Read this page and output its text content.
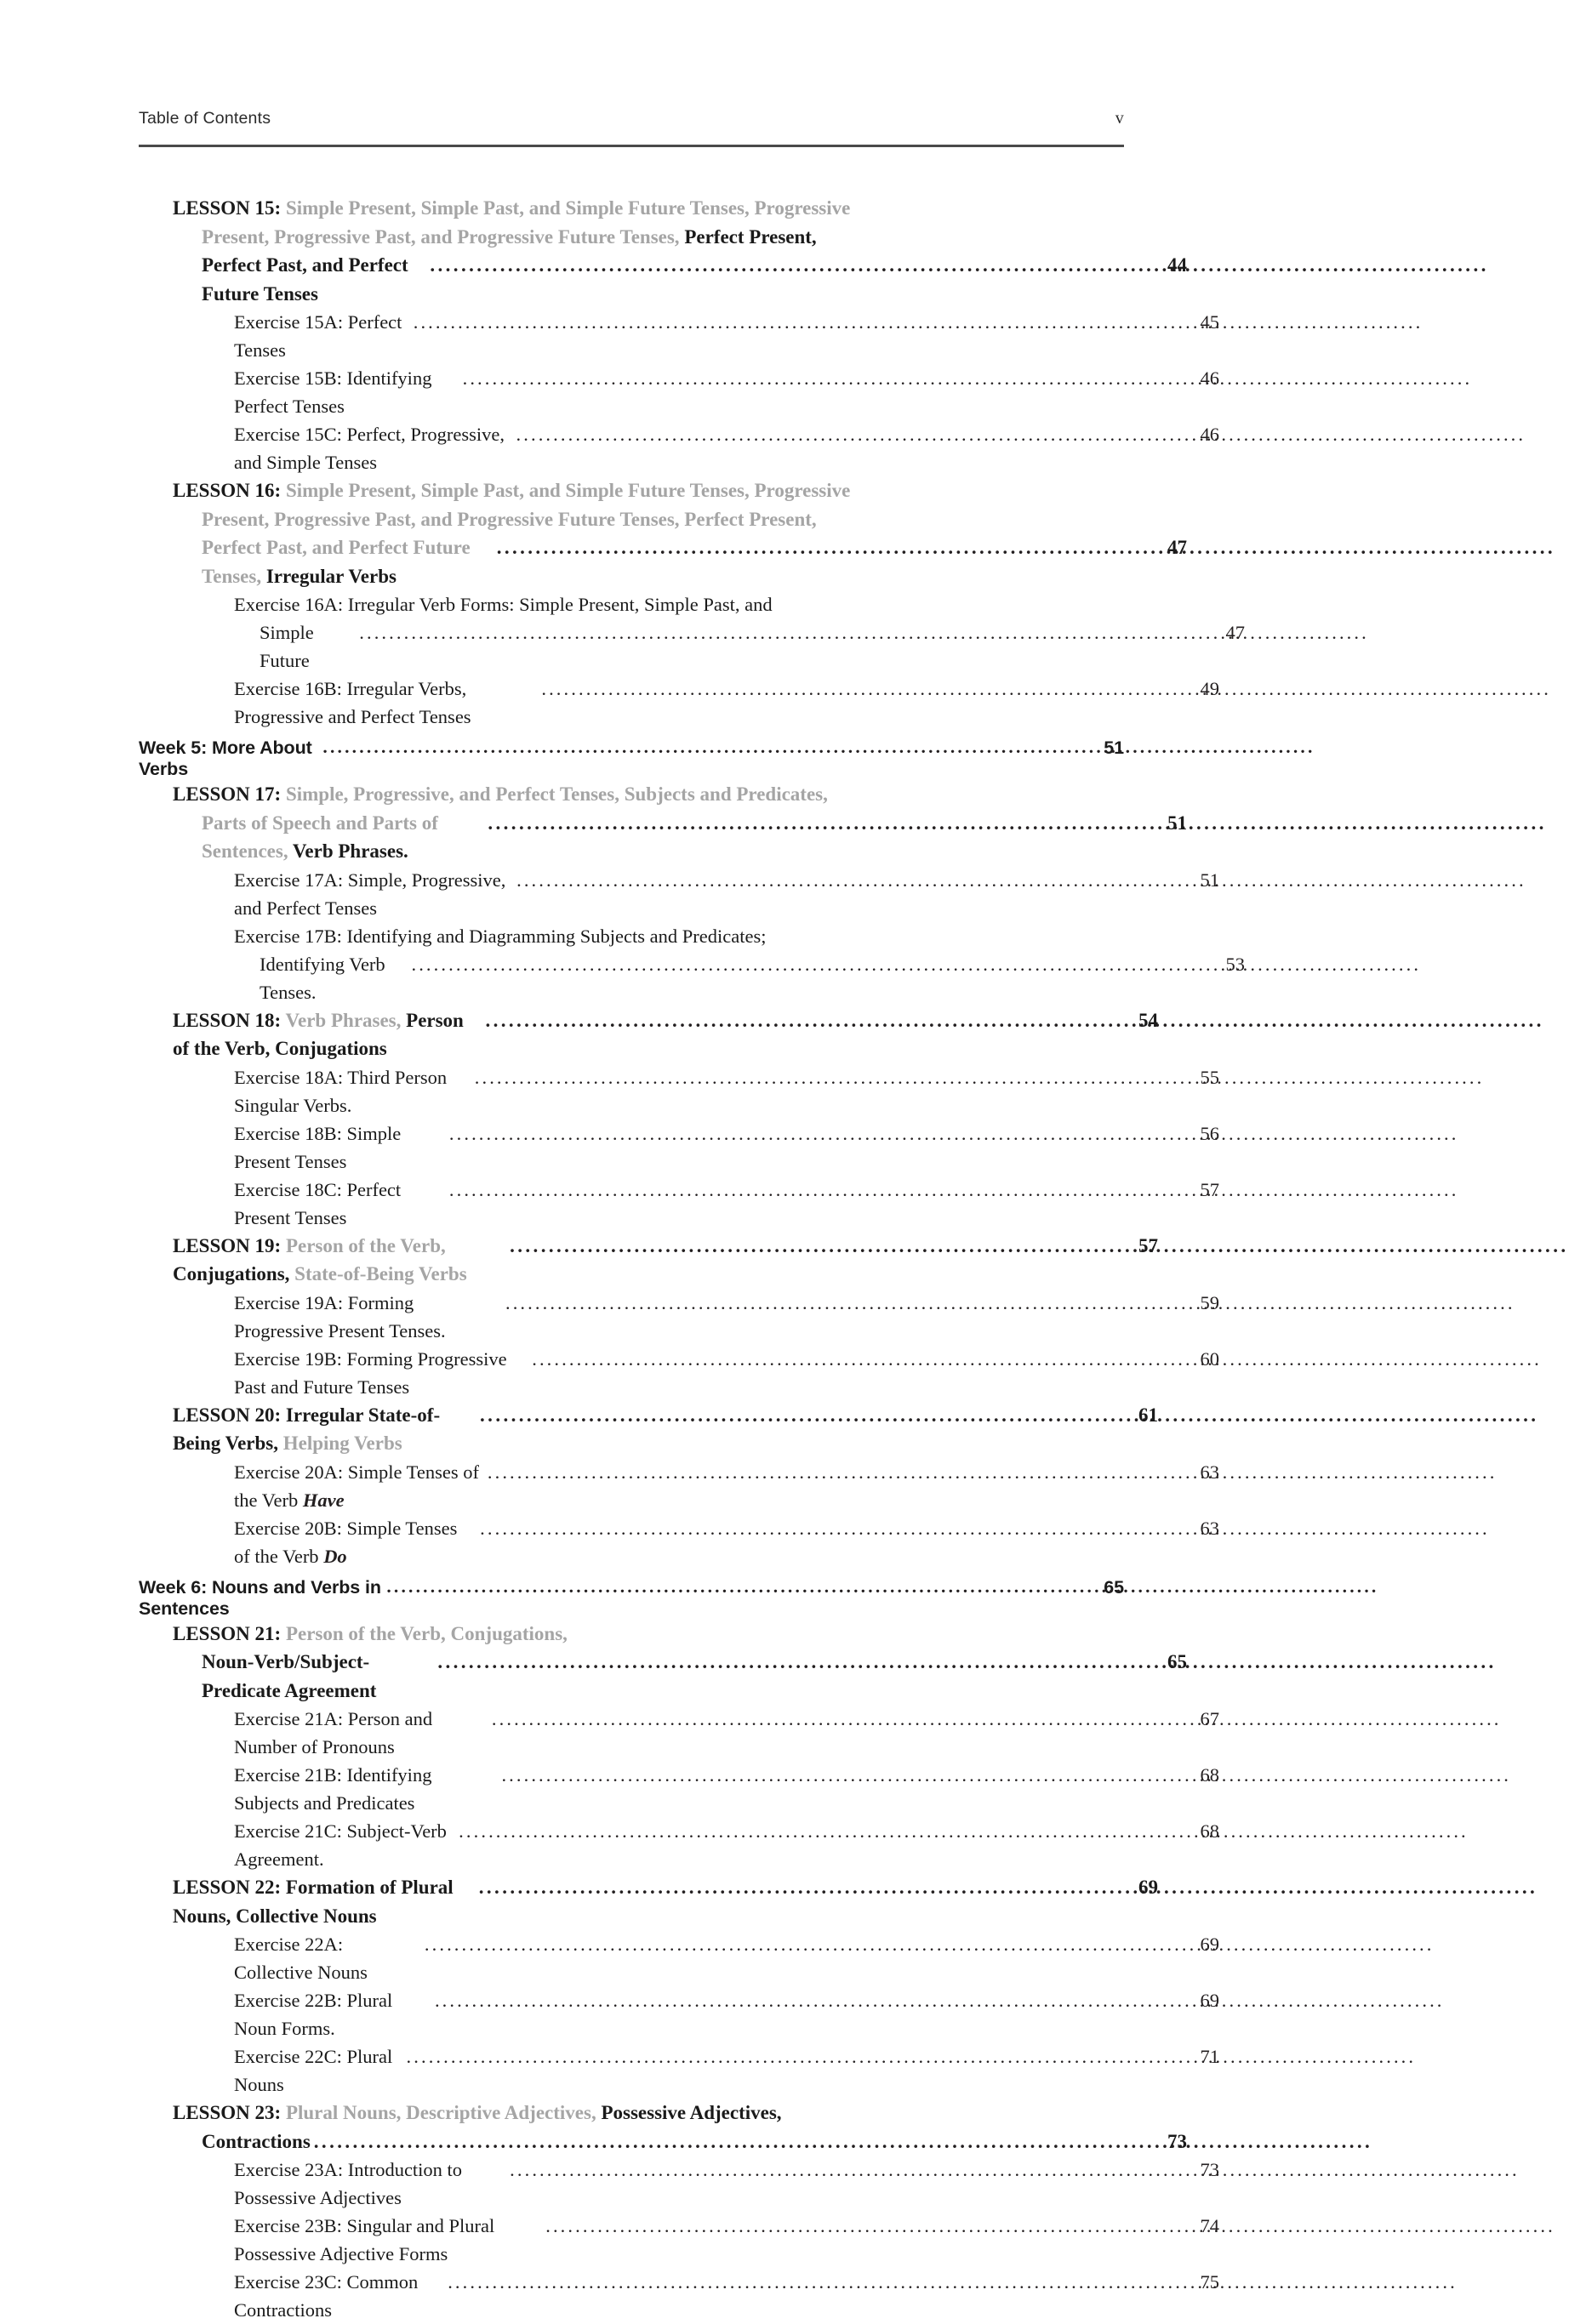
Table of Contents	v
LESSON 15: Simple Present, Simple Past, and Simple Future Tenses, Progressive
Present, Progressive Past, and Progressive Future Tenses, Perfect Present,
Perfect Past, and Perfect Future Tenses
.....
44
Exercise 15A: Perfect Tenses
.....
45
Exercise 15B: Identifying Perfect Tenses
.....
46
Exercise 15C: Perfect, Progressive, and Simple Tenses
.....
46
LESSON 16: Simple Present, Simple Past, and Simple Future Tenses, Progressive
Present, Progressive Past, and Progressive Future Tenses, Perfect Present,
Perfect Past, and Perfect Future Tenses, Irregular Verbs
.....
47
Exercise 16A: Irregular Verb Forms: Simple Present, Simple Past, and
Simple Future
.....
47
Exercise 16B: Irregular Verbs, Progressive and Perfect Tenses
.....
49
Week 5: More About Verbs
.....
51
LESSON 17: Simple, Progressive, and Perfect Tenses, Subjects and Predicates,
Parts of Speech and Parts of Sentences, Verb Phrases.
.....
51
Exercise 17A: Simple, Progressive, and Perfect Tenses
.....
51
Exercise 17B: Identifying and Diagramming Subjects and Predicates;
Identifying Verb Tenses.
.....
53
LESSON 18: Verb Phrases, Person of the Verb, Conjugations
.....
54
Exercise 18A: Third Person Singular Verbs.
.....
55
Exercise 18B: Simple Present Tenses
.....
56
Exercise 18C: Perfect Present Tenses
.....
57
LESSON 19: Person of the Verb, Conjugations, State-of-Being Verbs
.....
57
Exercise 19A: Forming Progressive Present Tenses.
.....
59
Exercise 19B: Forming Progressive Past and Future Tenses
.....
60
LESSON 20: Irregular State-of-Being Verbs, Helping Verbs
.....
61
Exercise 20A: Simple Tenses of the Verb Have
.....
63
Exercise 20B: Simple Tenses of the Verb Do
.....
63
Week 6: Nouns and Verbs in Sentences
.....
65
LESSON 21: Person of the Verb, Conjugations,
Noun-Verb/Subject-Predicate Agreement
.....
65
Exercise 21A: Person and Number of Pronouns
.....
67
Exercise 21B: Identifying Subjects and Predicates
.....
68
Exercise 21C: Subject-Verb Agreement.
.....
68
LESSON 22: Formation of Plural Nouns, Collective Nouns
.....
69
Exercise 22A: Collective Nouns
.....
69
Exercise 22B: Plural Noun Forms.
.....
69
Exercise 22C: Plural Nouns
.....
71
LESSON 23: Plural Nouns, Descriptive Adjectives, Possessive Adjectives,
Contractions .....	73
Exercise 23A: Introduction to Possessive Adjectives
.....
73
Exercise 23B: Singular and Plural Possessive Adjective Forms
.....
74
Exercise 23C: Common Contractions
.....
75
